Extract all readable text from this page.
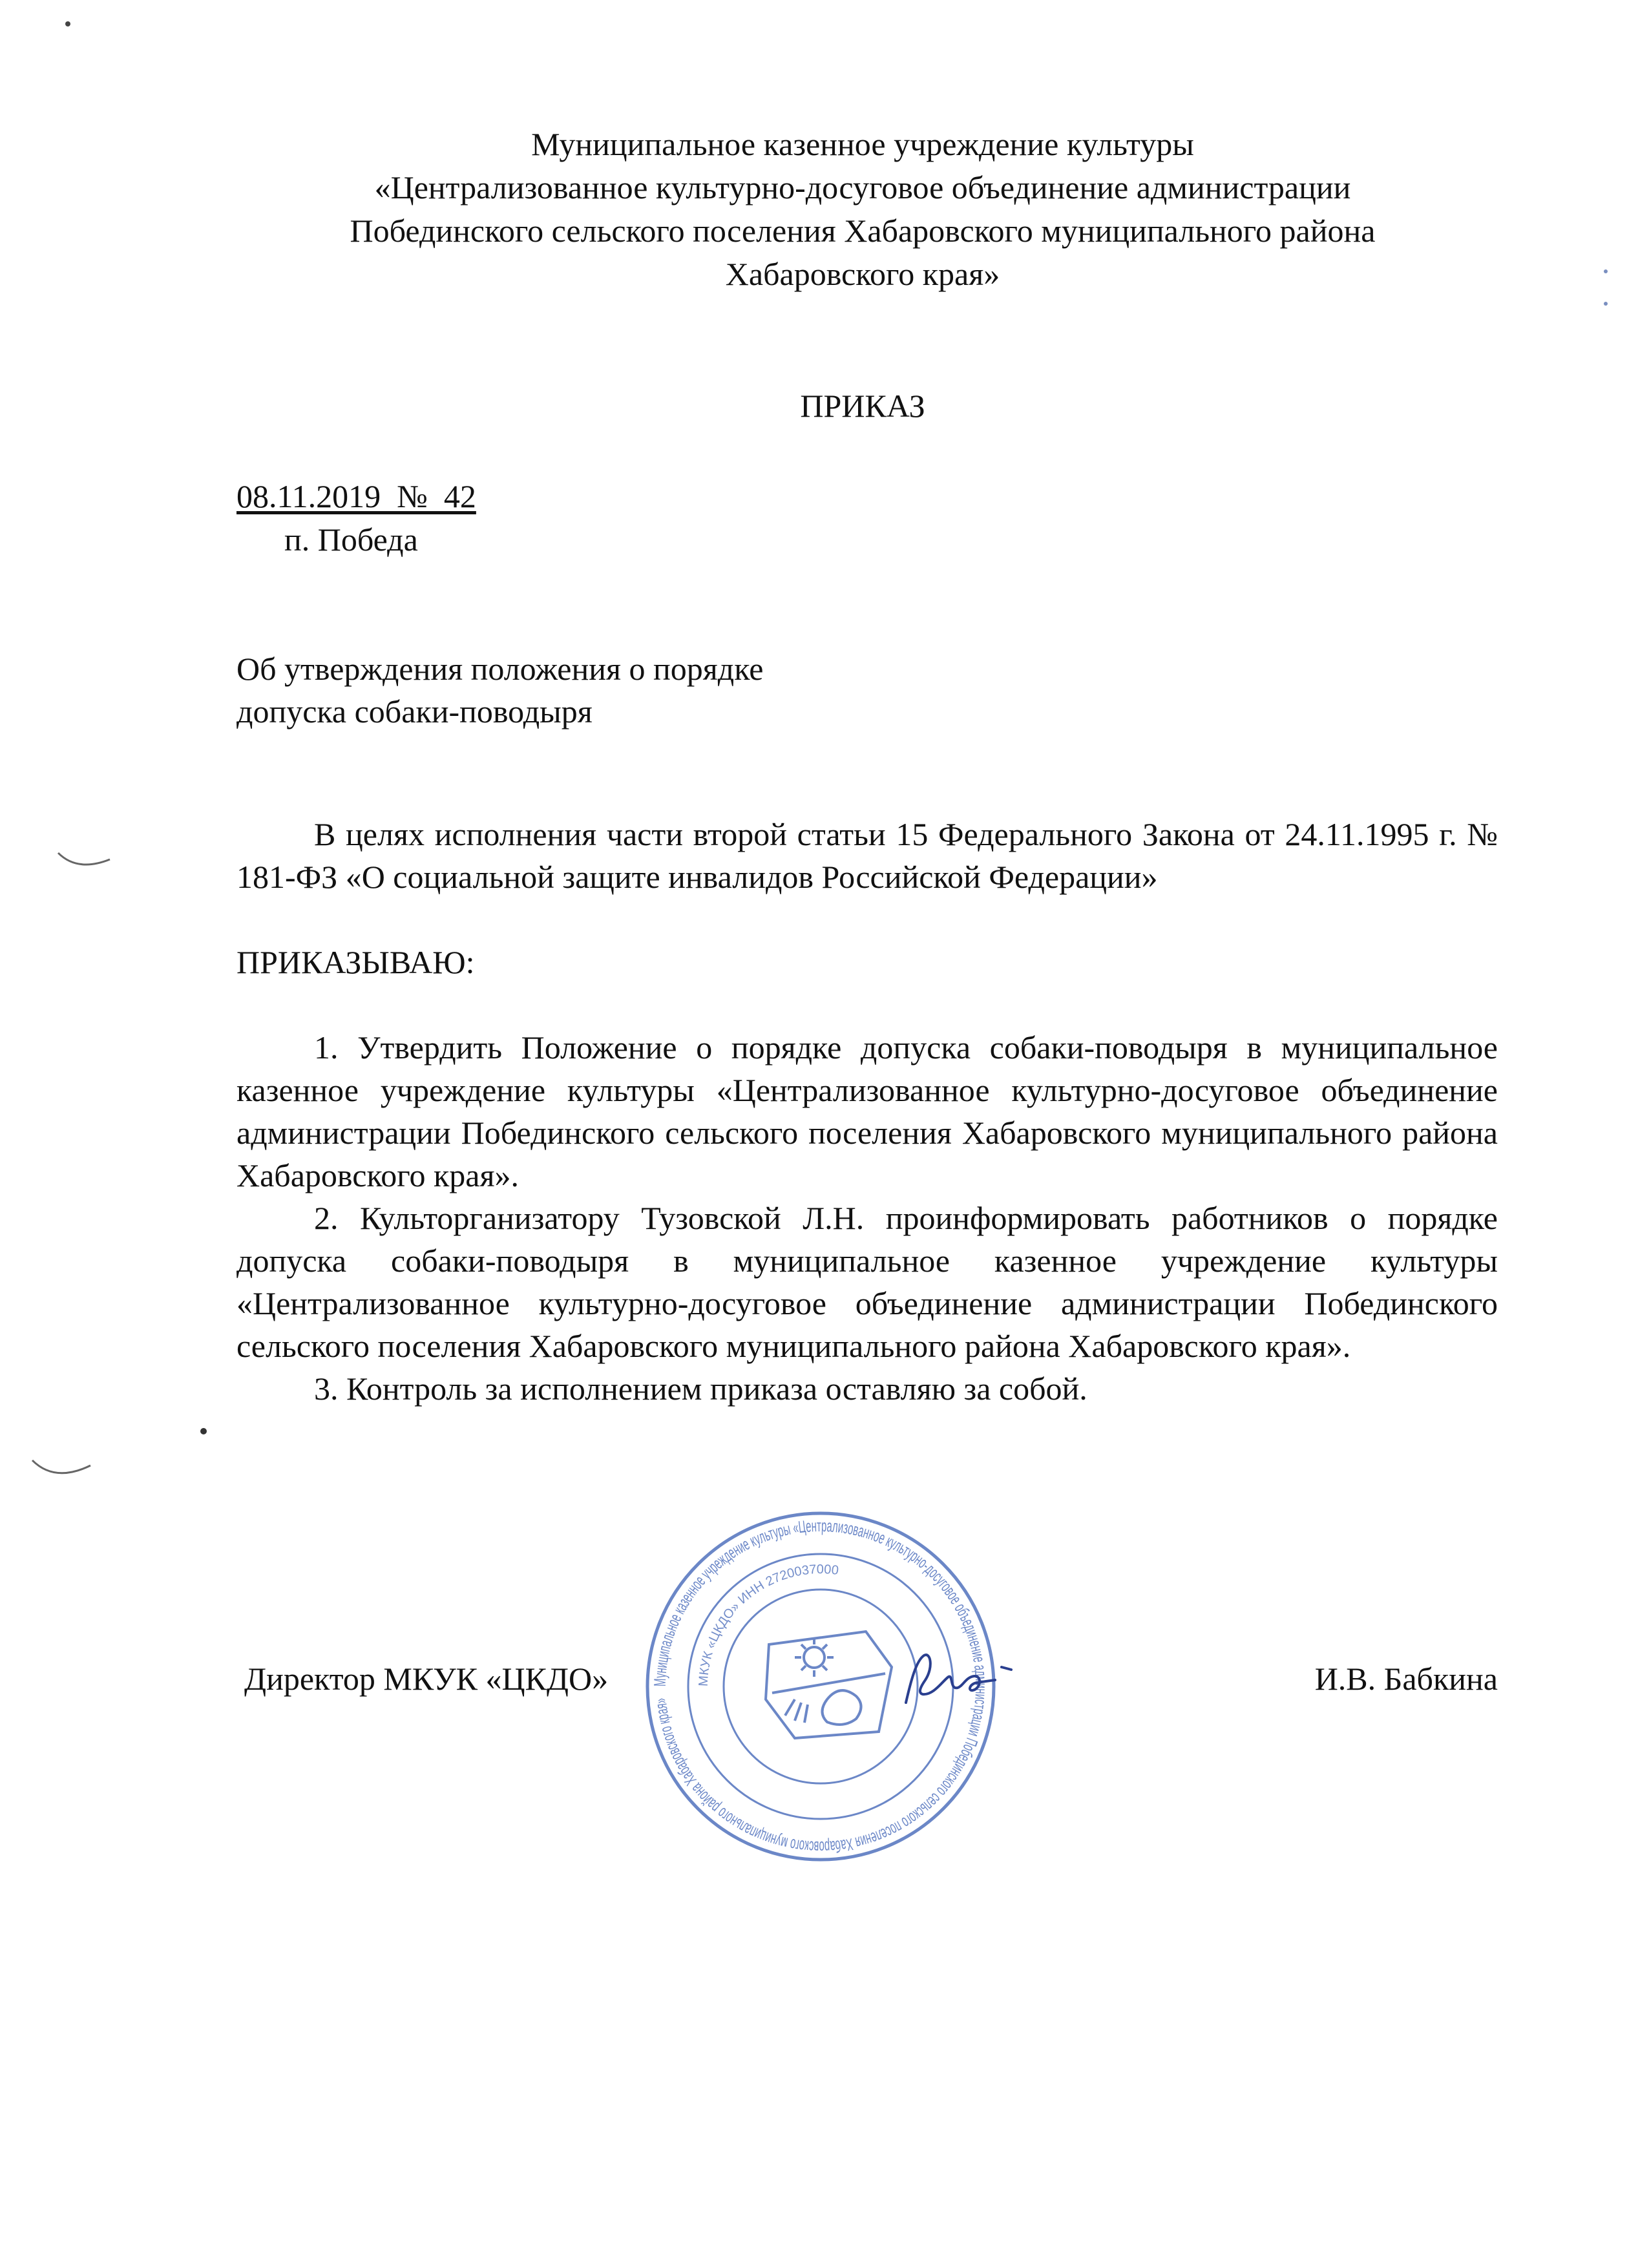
Муниципальное казенное учреждение культуры
«Централизованное культурно-досуговое объединение администрации
Побединского сельского поселения Хабаровского муниципального района
Хабаровского края»
ПРИКАЗ
08.11.2019  №  42
п. Победа
Об утверждения положения о порядке
допуска собаки-поводыря

В целях исполнения части второй статьи 15 Федерального Закона от 24.11.1995 г. № 181-ФЗ «О социальной защите инвалидов Российской Федерации»

ПРИКАЗЫВАЮ:

1. Утвердить Положение о порядке допуска собаки-поводыря в муниципальное казенное учреждение культуры «Централизованное культурно-досуговое объединение администрации Побединского сельского поселения Хабаровского муниципального района Хабаровского края».

2. Культорганизатору Тузовской Л.Н. проинформировать работников о порядке допуска собаки-поводыря в муниципальное казенное учреждение культуры «Централизованное культурно-досуговое объединение администрации Побединского сельского поселения Хабаровского муниципального района Хабаровского края».

3. Контроль за исполнением приказа оставляю за собой.

Муниципальное казенное учреждение культуры «Централизованное культурно-досуговое объединение администрации Побединского сельского поселения Хабаровского муниципального района Хабаровского края»
МКУК «ЦКДО» ИНН 2720037000
Директор МКУК «ЦКДО»	И.В. Бабкина
